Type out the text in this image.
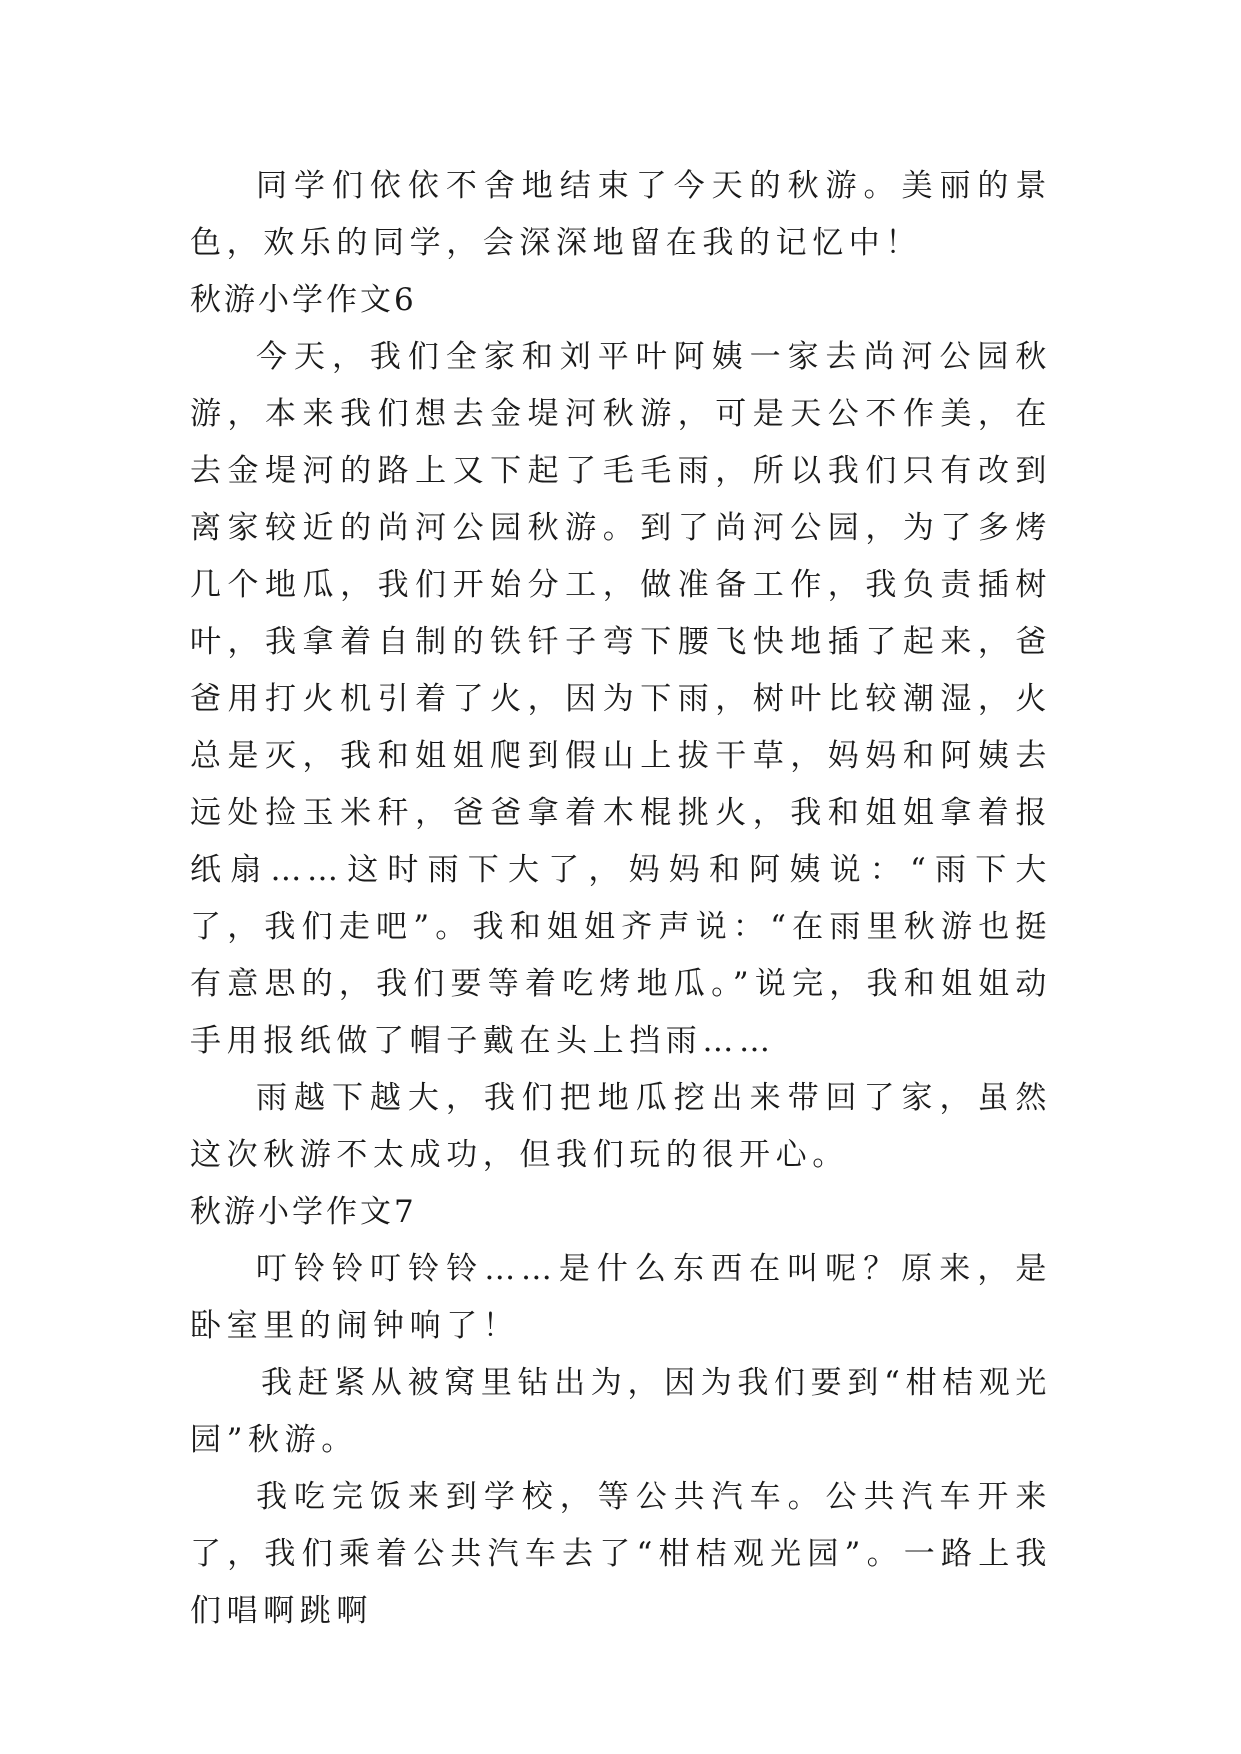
同学们依依不舍地结束了今天的秋游。美丽的景色，欢乐的同学，会深深地留在我的记忆中！

秋游小学作文6

今天，我们全家和刘平叶阿姨一家去尚河公园秋游，本来我们想去金堤河秋游，可是天公不作美，在去金堤河的路上又下起了毛毛雨，所以我们只有改到离家较近的尚河公园秋游。到了尚河公园，为了多烤几个地瓜，我们开始分工，做准备工作，我负责插树叶，我拿着自制的铁钎子弯下腰飞快地插了起来，爸爸用打火机引着了火，因为下雨，树叶比较潮湿，火总是灭，我和姐姐爬到假山上拔干草，妈妈和阿姨去远处捡玉米秆，爸爸拿着木棍挑火，我和姐姐拿着报纸扇……这时雨下大了，妈妈和阿姨说：“雨下大了，我们走吧”。我和姐姐齐声说：“在雨里秋游也挺有意思的，我们要等着吃烤地瓜。”说完，我和姐姐动手用报纸做了帽子戴在头上挡雨……

雨越下越大，我们把地瓜挖出来带回了家，虽然这次秋游不太成功，但我们玩的很开心。

秋游小学作文7

叮铃铃叮铃铃……是什么东西在叫呢？原来，是卧室里的闹钟响了！

我赶紧从被窝里钻出为，因为我们要到“柑桔观光园”秋游。

我吃完饭来到学校，等公共汽车。公共汽车开来了，我们乘着公共汽车去了“柑桔观光园”。一路上我们唱啊跳啊
